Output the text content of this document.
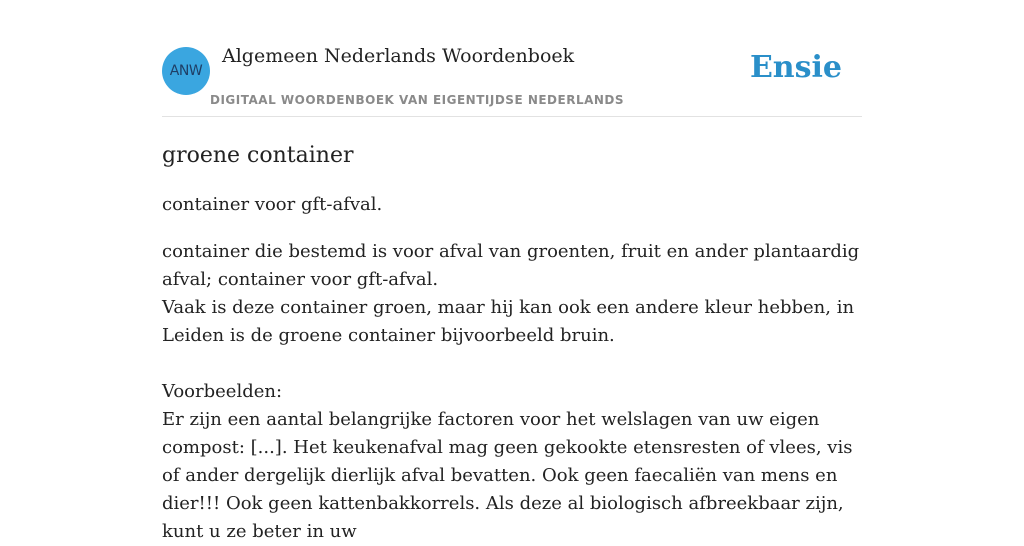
ANW
Algemeen Nederlands Woordenboek
DIGITAAL WOORDENBOEK VAN EIGENTIJDSE NEDERLANDS
Ensie
groene container

container voor gft-afval.

container die bestemd is voor afval van groenten, fruit en ander plantaardig afval; container voor gft-afval.

Vaak is deze container groen, maar hij kan ook een andere kleur hebben, in Leiden is de groene container bijvoorbeeld bruin.

Voorbeelden:

Er zijn een aantal belangrijke factoren voor het welslagen van uw eigen compost: [...]. Het keukenafval mag geen gekookte etensresten of vlees, vis of ander dergelijk dierlijk afval bevatten. Ook geen faecaliën van mens en dier!!! Ook geen kattenbakkorrels. Als deze al biologisch afbreekbaar zijn, kunt u ze beter in uw
